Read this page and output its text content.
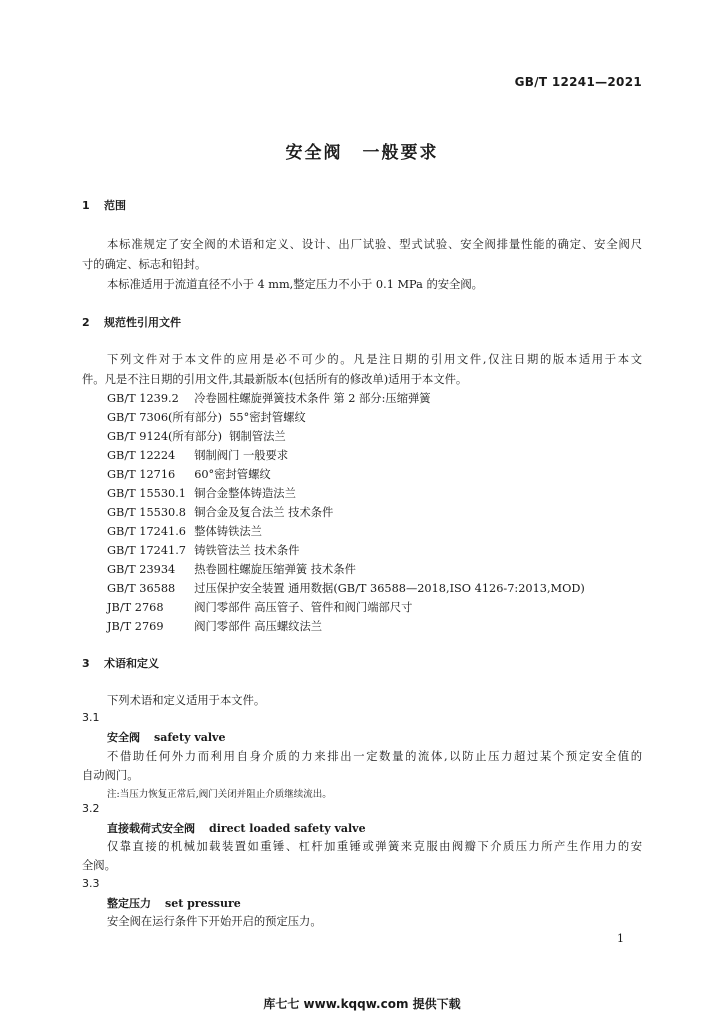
GB/T 12241—2021
安全阀 一般要求
1 范围
本标准规定了安全阀的术语和定义、设计、出厂试验、型式试验、安全阀排量性能的确定、安全阀尺
寸的确定、标志和铅封。
本标准适用于流道直径不小于 4 mm,整定压力不小于 0.1 MPa 的安全阀。
2 规范性引用文件
下列文件对于本文件的应用是必不可少的。凡是注日期的引用文件,仅注日期的版本适用于本文
件。凡是不注日期的引用文件,其最新版本(包括所有的修改单)适用于本文件。
GB/T 1239.2 冷卷圆柱螺旋弹簧技术条件 第 2 部分:压缩弹簧
GB/T 7306(所有部分) 55°密封管螺纹
GB/T 9124(所有部分) 钢制管法兰
GB/T 12224 钢制阀门 一般要求
GB/T 12716 60°密封管螺纹
GB/T 15530.1 铜合金整体铸造法兰
GB/T 15530.8 铜合金及复合法兰 技术条件
GB/T 17241.6 整体铸铁法兰
GB/T 17241.7 铸铁管法兰 技术条件
GB/T 23934 热卷圆柱螺旋压缩弹簧 技术条件
GB/T 36588 过压保护安全装置 通用数据(GB/T 36588—2018,ISO 4126-7:2013,MOD)
JB/T 2768	阀门零部件 高压管子、管件和阀门端部尺寸
JB/T 2769	阀门零部件 高压螺纹法兰
3 术语和定义
下列术语和定义适用于本文件。
3.1
安全阀 safety valve
不借助任何外力而利用自身介质的力来排出一定数量的流体,以防止压力超过某个预定安全值的
自动阀门。
注:当压力恢复正常后,阀门关闭并阻止介质继续流出。
3.2
直接载荷式安全阀 direct loaded safety valve
仅靠直接的机械加载装置如重锤、杠杆加重锤或弹簧来克服由阀瓣下介质压力所产生作用力的安
全阀。
3.3
整定压力 set pressure
安全阀在运行条件下开始开启的预定压力。
1
库七七 www.kqqw.com 提供下载
